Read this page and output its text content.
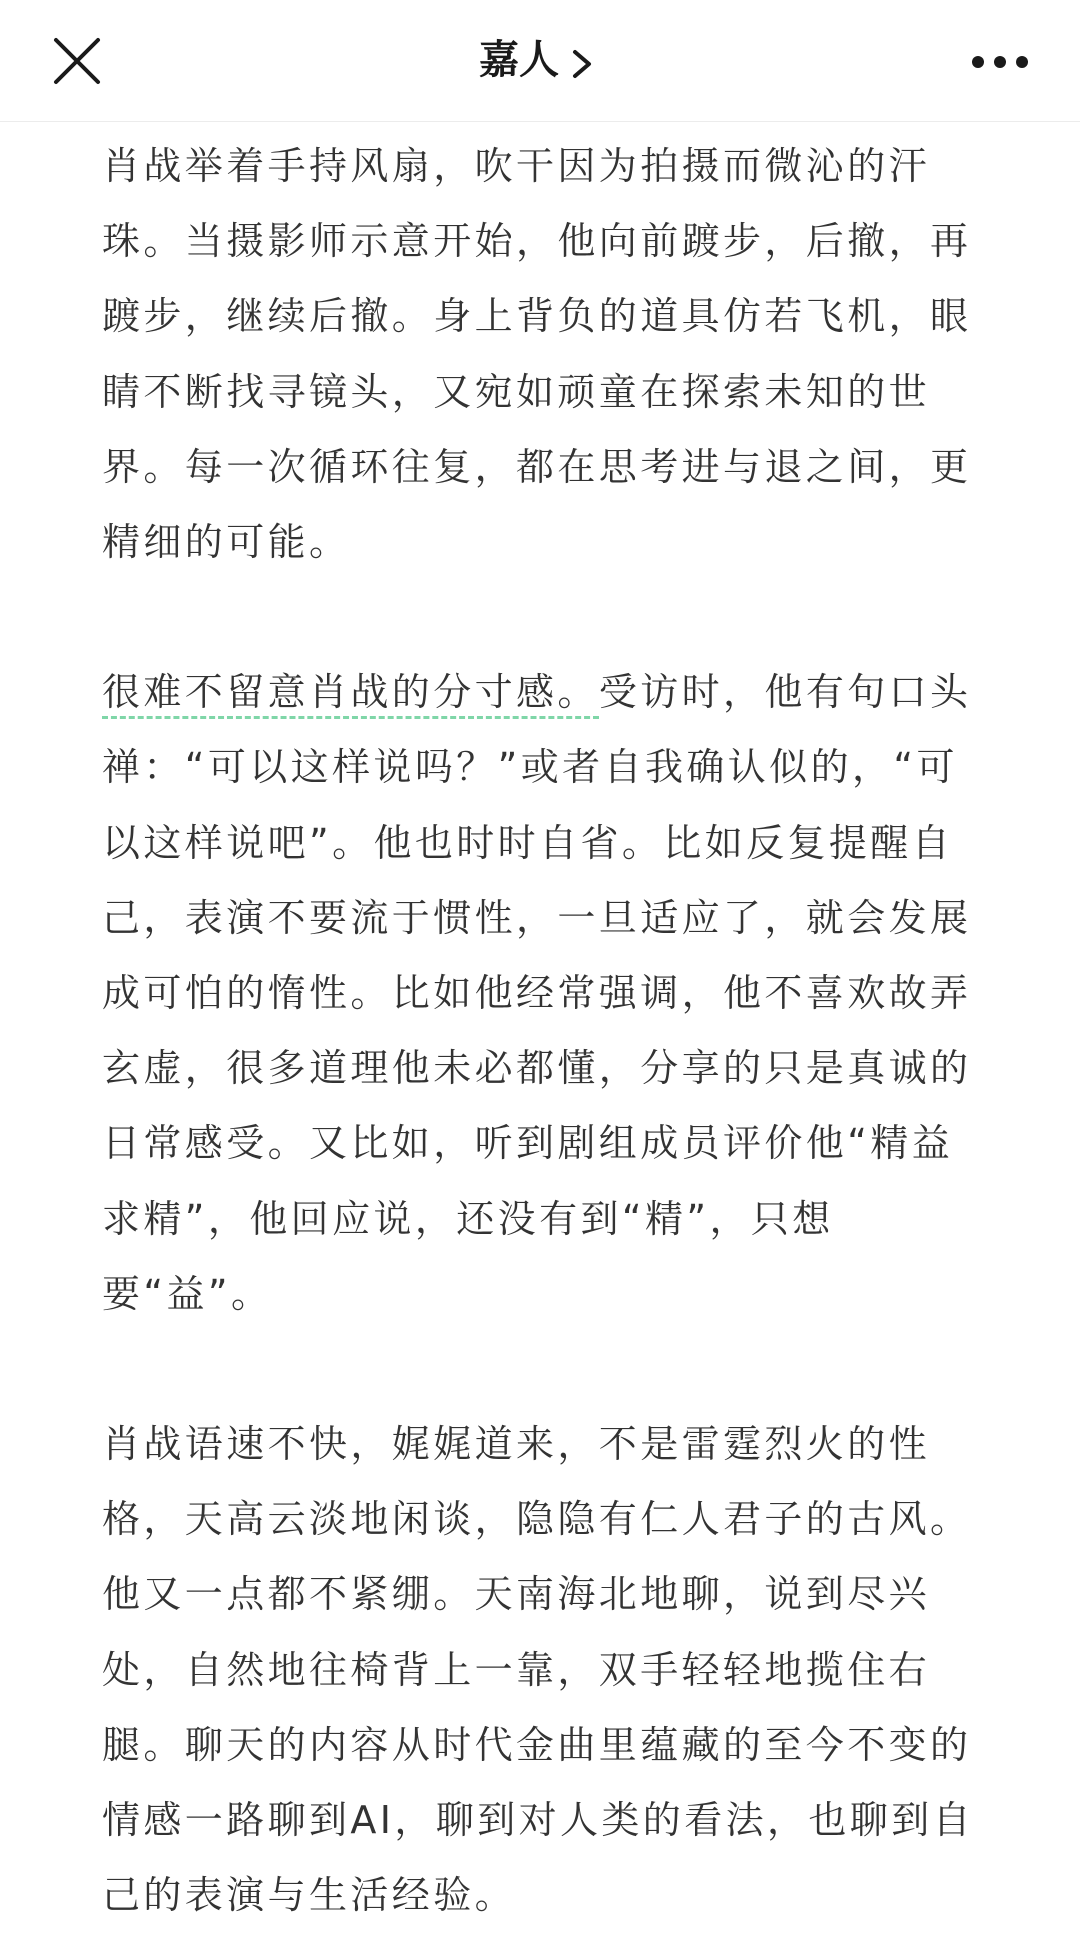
嘉人

肖战举着手持风扇，吹干因为拍摄而微沁的汗珠。当摄影师示意开始，他向前踱步，后撤，再踱步，继续后撤。身上背负的道具仿若飞机，眼睛不断找寻镜头，又宛如顽童在探索未知的世界。每一次循环往复，都在思考进与退之间，更精细的可能。

很难不留意肖战的分寸感。受访时，他有句口头禅：“可以这样说吗？”或者自我确认似的，“可以这样说吧”。他也时时自省。比如反复提醒自己，表演不要流于惯性，一旦适应了，就会发展成可怕的惰性。比如他经常强调，他不喜欢故弄玄虚，很多道理他未必都懂，分享的只是真诚的日常感受。又比如，听到剧组成员评价他“精益求精”，他回应说，还没有到“精”，只想要“益”。

肖战语速不快，娓娓道来，不是雷霆烈火的性格，天高云淡地闲谈，隐隐有仁人君子的古风。他又一点都不紧绷。天南海北地聊，说到尽兴处，自然地往椅背上一靠，双手轻轻地揽住右腿。聊天的内容从时代金曲里蕴藏的至今不变的情感一路聊到AI，聊到对人类的看法，也聊到自己的表演与生活经验。
